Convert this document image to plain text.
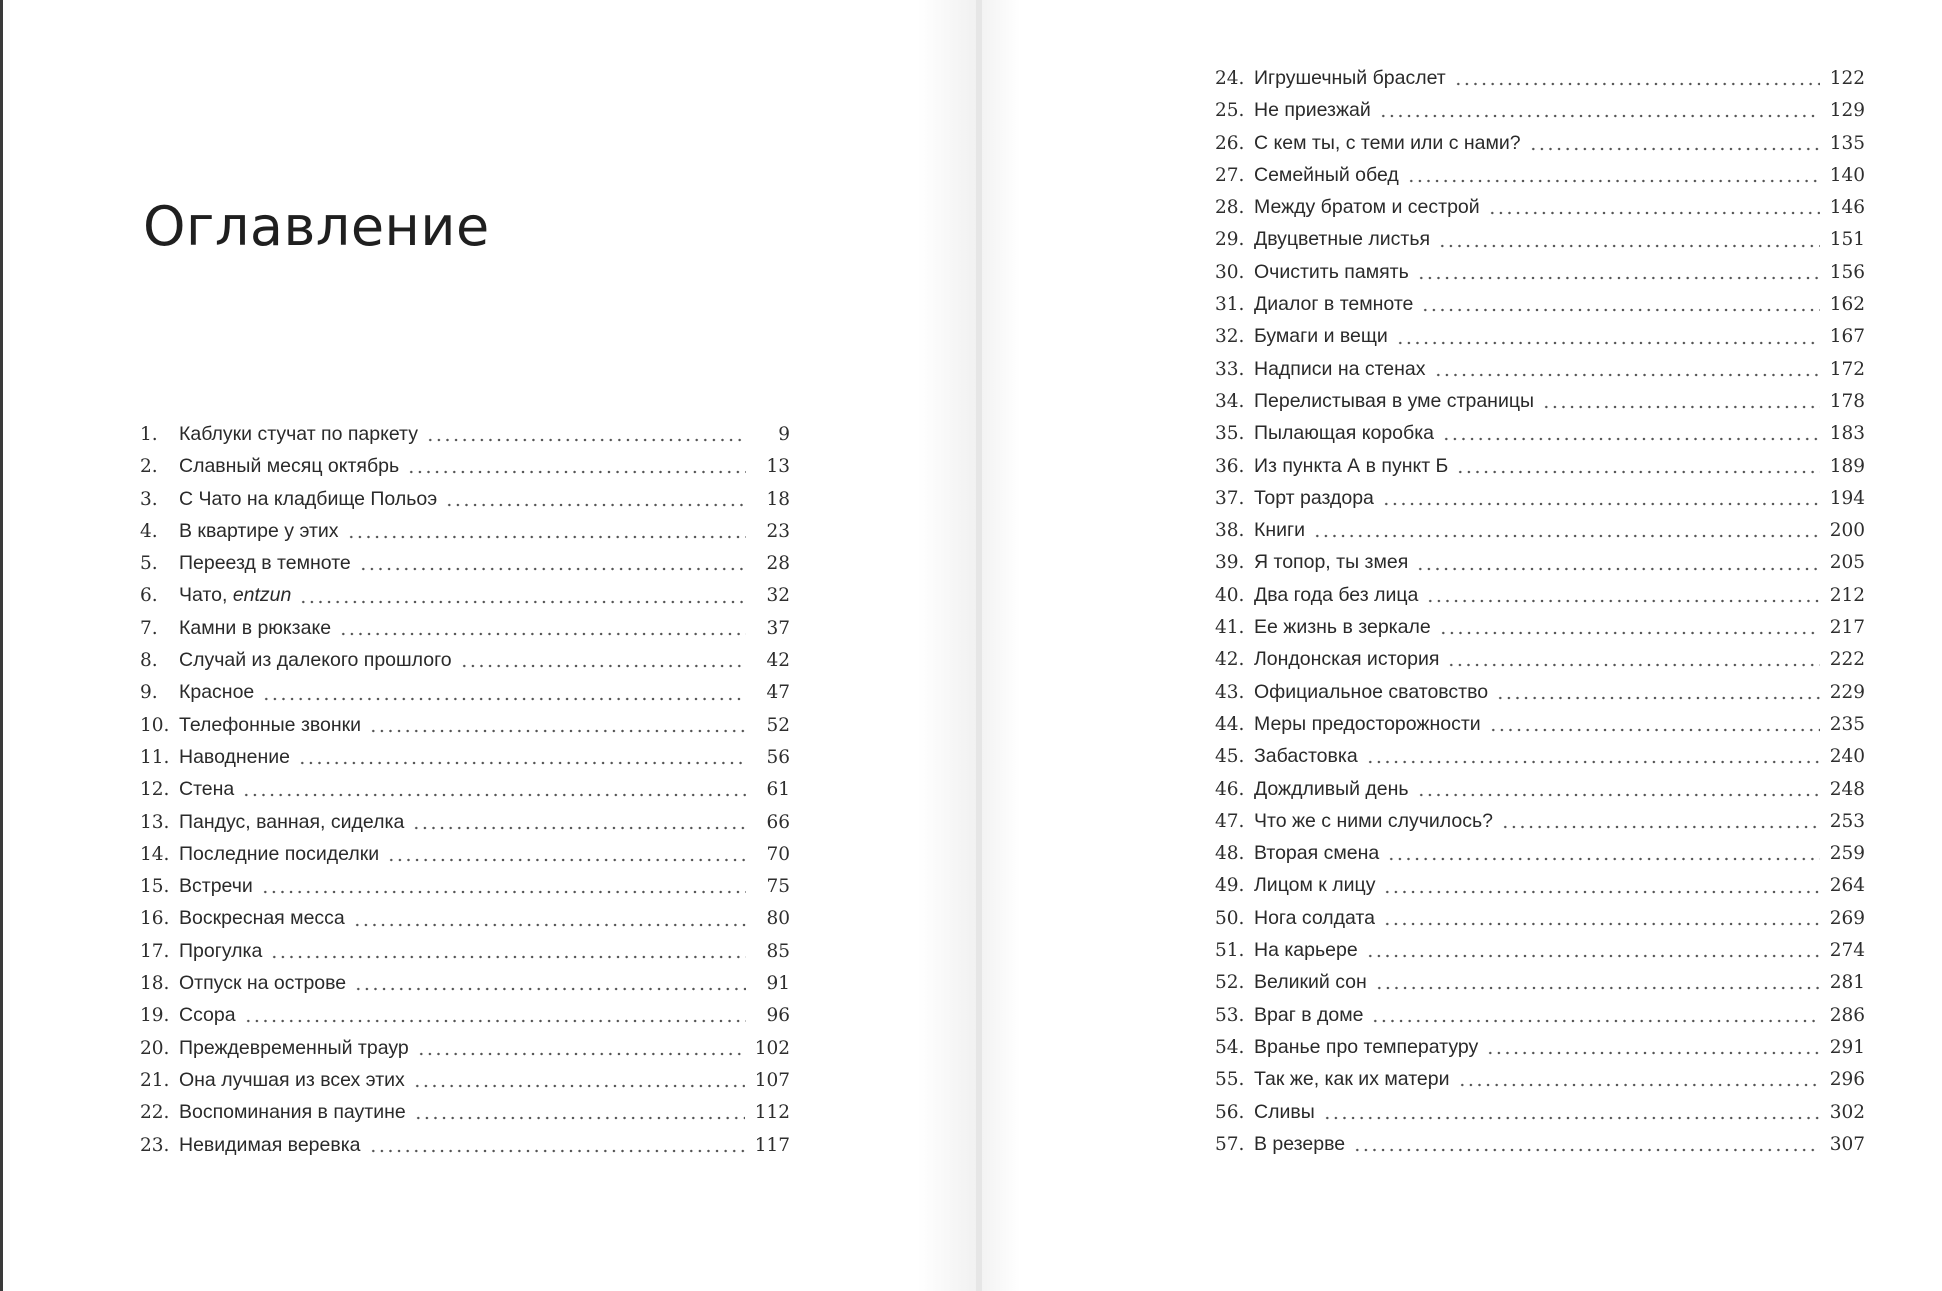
Оглавление
1.	Каблуки стучат по паркету	9
2.	Славный месяц октябрь	13
3.	С Чато на кладбище Польоэ	18
4.	В квартире у этих	23
5.	Переезд в темноте	28
6.	Чато, entzun	32
7.	Камни в рюкзаке	37
8.	Случай из далекого прошлого	42
9.	Красное	47
10. Телефонные звонки	52
11. Наводнение	56
12. Стена	61
13. Пандус, ванная, сиделка	66
14. Последние посиделки	70
15. Встречи	75
16. Воскресная месса	80
17. Прогулка	85
18. Отпуск на острове	91
19. Ссора	96
20. Преждевременный траур	102
21. Она лучшая из всех этих	107
22. Воспоминания в паутине	112
23. Невидимая веревка	117
24. Игрушечный браслет	122
25. Не приезжай	129
26. С кем ты, с теми или с нами?	135
27. Семейный обед	140
28. Между братом и сестрой	146
29. Двуцветные листья	151
30. Очистить память	156
31. Диалог в темноте	162
32. Бумаги и вещи	167
33. Надписи на стенах	172
34. Перелистывая в уме страницы	178
35. Пылающая коробка	183
36. Из пункта А в пункт Б	189
37. Торт раздора	194
38. Книги	200
39. Я топор, ты змея	205
40. Два года без лица	212
41. Ее жизнь в зеркале	217
42. Лондонская история	222
43. Официальное сватовство	229
44. Меры предосторожности	235
45. Забастовка	240
46. Дождливый день	248
47. Что же с ними случилось?	253
48. Вторая смена	259
49. Лицом к лицу	264
50. Нога солдата	269
51. На карьере	274
52. Великий сон	281
53. Враг в доме	286
54. Вранье про температуру	291
55. Так же, как их матери	296
56. Сливы	302
57. В резерве	307
